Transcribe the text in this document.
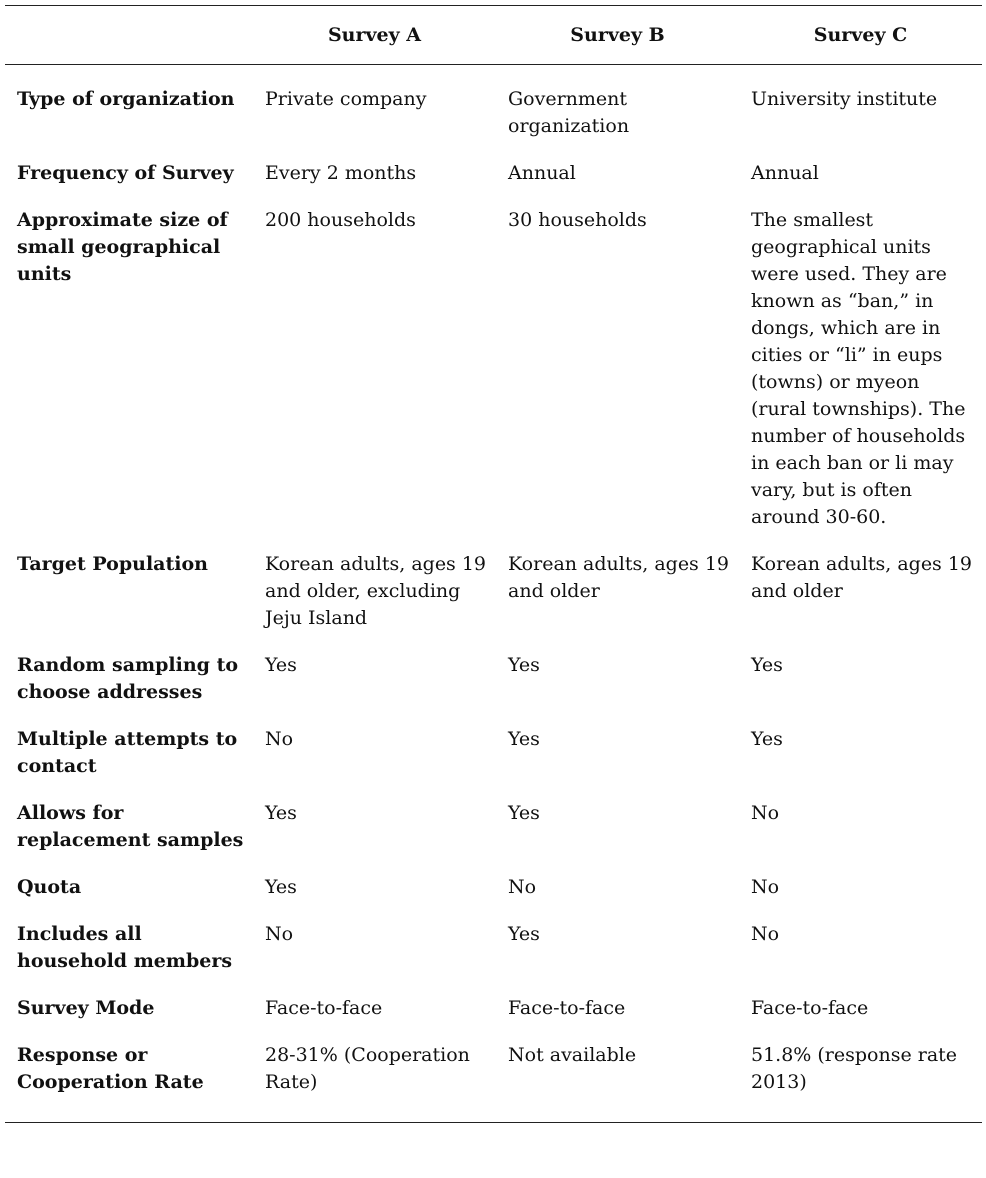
	Survey A	Survey B	Survey C
Type of organization	Private company	Government organization	University institute
Frequency of Survey	Every 2 months	Annual	Annual
Approximate size of small geographical units	200 households	30 households	The smallest geographical units were used. They are known as “ban,” in dongs, which are in cities or “li” in eups (towns) or myeon (rural townships). The number of households in each ban or li may vary, but is often around 30-60.
Target Population	Korean adults, ages 19 and older, excluding Jeju Island	Korean adults, ages 19 and older	Korean adults, ages 19 and older
Random sampling to choose addresses	Yes	Yes	Yes
Multiple attempts to contact	No	Yes	Yes
Allows for replacement samples	Yes	Yes	No
Quota	Yes	No	No
Includes all household members	No	Yes	No
Survey Mode	Face-to-face	Face-to-face	Face-to-face
Response or Cooperation Rate	28-31% (Cooperation Rate)	Not available	51.8% (response rate 2013)
